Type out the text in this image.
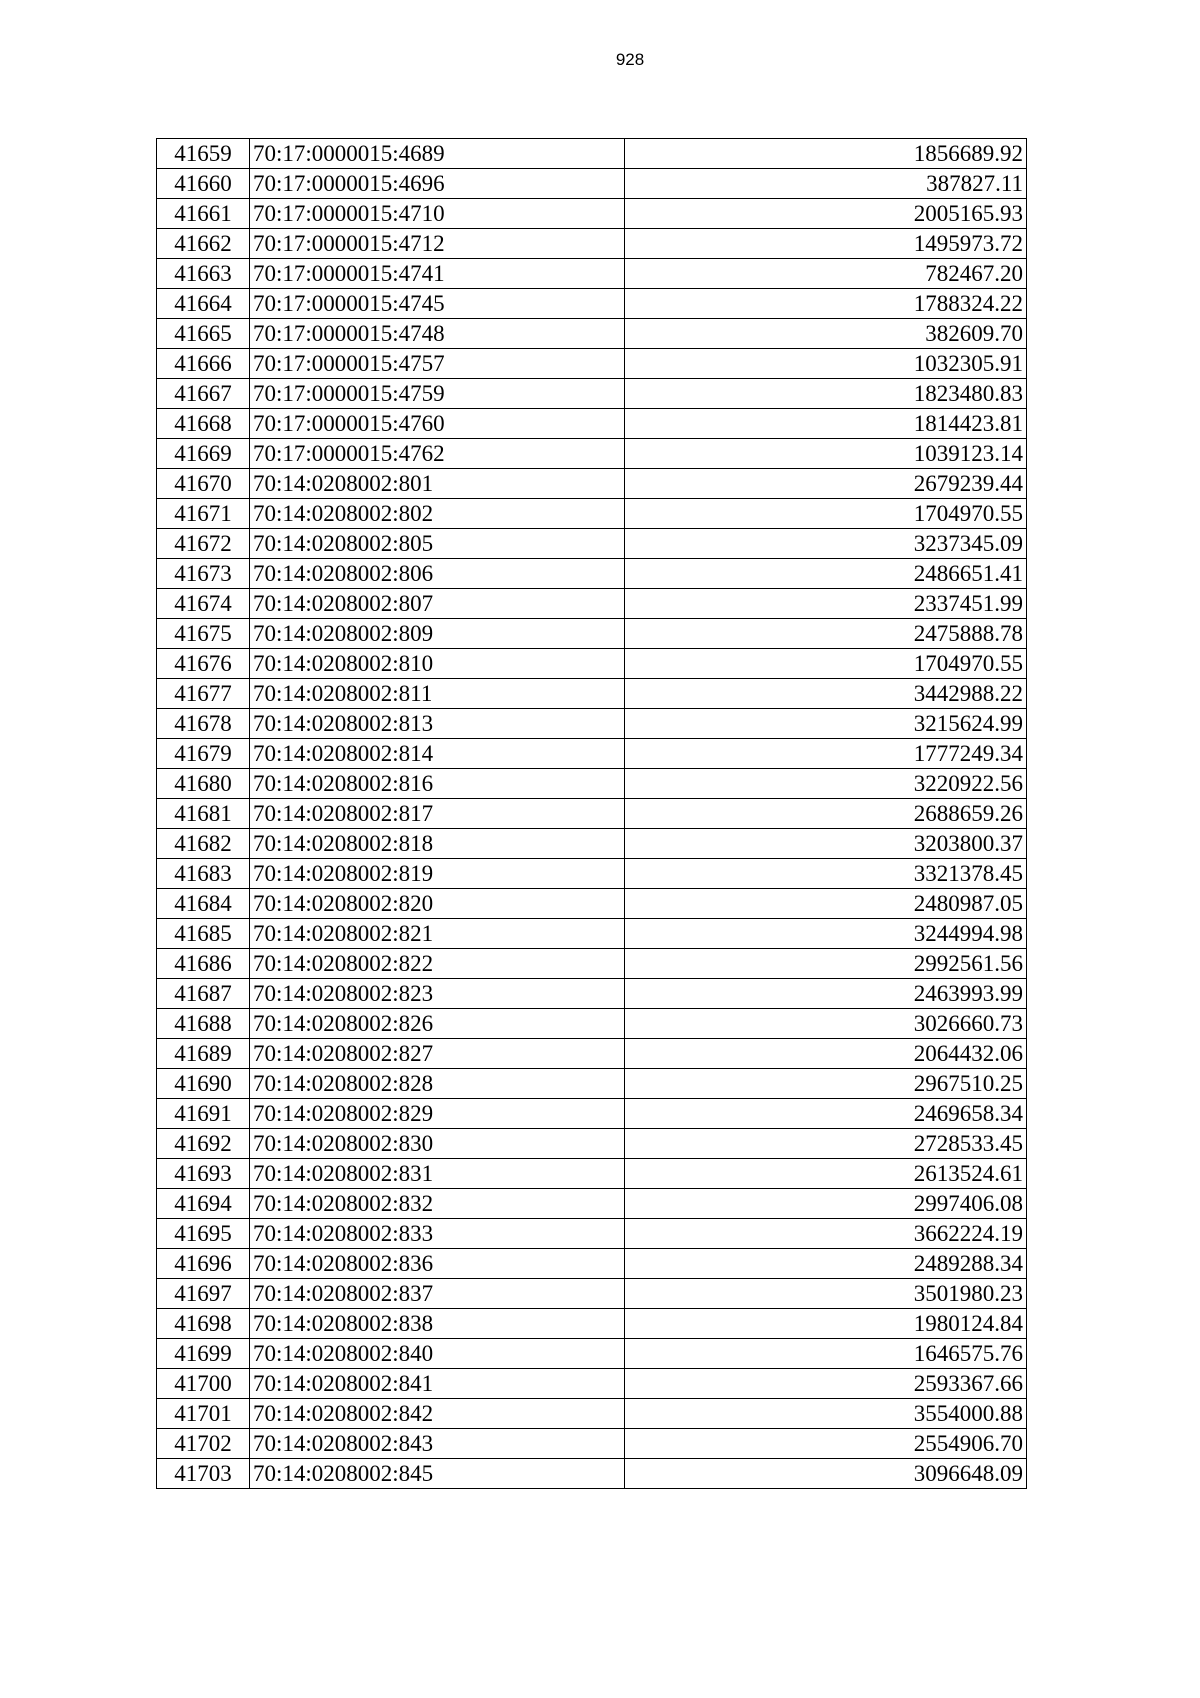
928
41659	70:17:0000015:4689	1856689.92
41660	70:17:0000015:4696	387827.11
41661	70:17:0000015:4710	2005165.93
41662	70:17:0000015:4712	1495973.72
41663	70:17:0000015:4741	782467.20
41664	70:17:0000015:4745	1788324.22
41665	70:17:0000015:4748	382609.70
41666	70:17:0000015:4757	1032305.91
41667	70:17:0000015:4759	1823480.83
41668	70:17:0000015:4760	1814423.81
41669	70:17:0000015:4762	1039123.14
41670	70:14:0208002:801	2679239.44
41671	70:14:0208002:802	1704970.55
41672	70:14:0208002:805	3237345.09
41673	70:14:0208002:806	2486651.41
41674	70:14:0208002:807	2337451.99
41675	70:14:0208002:809	2475888.78
41676	70:14:0208002:810	1704970.55
41677	70:14:0208002:811	3442988.22
41678	70:14:0208002:813	3215624.99
41679	70:14:0208002:814	1777249.34
41680	70:14:0208002:816	3220922.56
41681	70:14:0208002:817	2688659.26
41682	70:14:0208002:818	3203800.37
41683	70:14:0208002:819	3321378.45
41684	70:14:0208002:820	2480987.05
41685	70:14:0208002:821	3244994.98
41686	70:14:0208002:822	2992561.56
41687	70:14:0208002:823	2463993.99
41688	70:14:0208002:826	3026660.73
41689	70:14:0208002:827	2064432.06
41690	70:14:0208002:828	2967510.25
41691	70:14:0208002:829	2469658.34
41692	70:14:0208002:830	2728533.45
41693	70:14:0208002:831	2613524.61
41694	70:14:0208002:832	2997406.08
41695	70:14:0208002:833	3662224.19
41696	70:14:0208002:836	2489288.34
41697	70:14:0208002:837	3501980.23
41698	70:14:0208002:838	1980124.84
41699	70:14:0208002:840	1646575.76
41700	70:14:0208002:841	2593367.66
41701	70:14:0208002:842	3554000.88
41702	70:14:0208002:843	2554906.70
41703	70:14:0208002:845	3096648.09
